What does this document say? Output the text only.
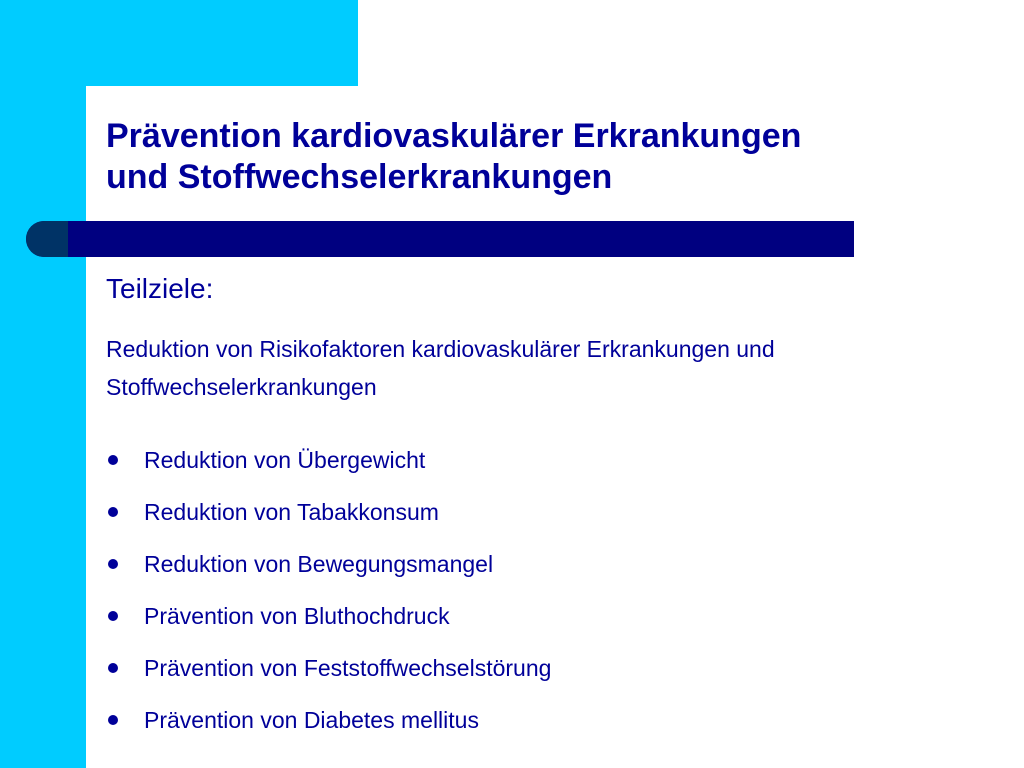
Prävention kardiovaskulärer Erkrankungen
und Stoffwechselerkrankungen

Teilziele:

Reduktion von Risikofaktoren kardiovaskulärer Erkrankungen und Stoffwechselerkrankungen

Reduktion von Übergewicht
Reduktion von Tabakkonsum
Reduktion von Bewegungsmangel
Prävention von Bluthochdruck
Prävention von Feststoffwechselstörung
Prävention von Diabetes mellitus
